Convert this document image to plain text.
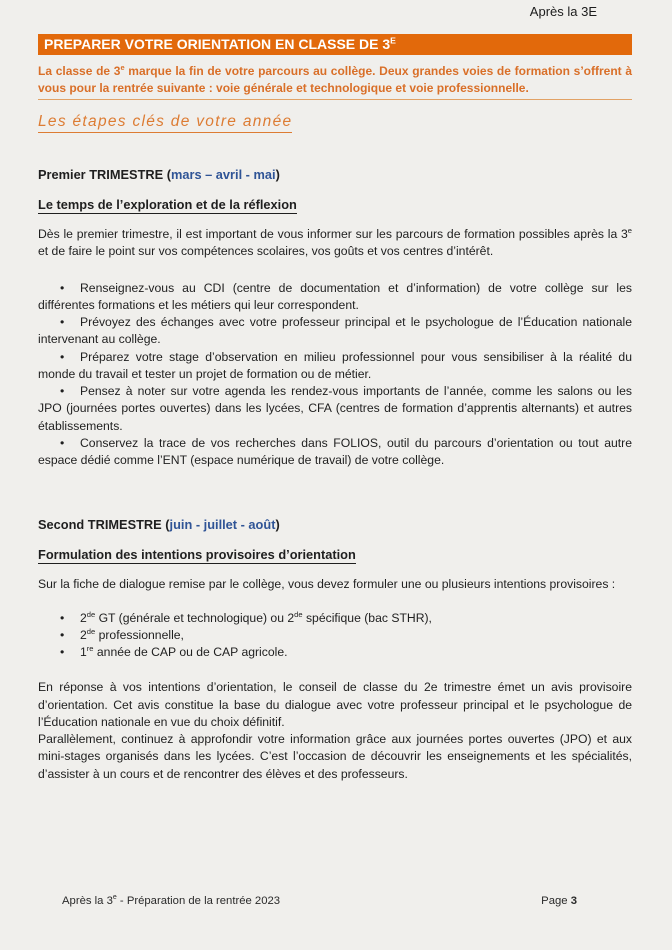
Après la 3E
PREPARER VOTRE ORIENTATION EN CLASSE DE $3^E$

La classe de 3e marque la fin de votre parcours au collège. Deux grandes voies de formation s’offrent à vous pour la rentrée suivante : voie générale et technologique et voie professionnelle.

Les étapes clés de votre année
Premier TRIMESTRE (mars – avril - mai)
Le temps de l’exploration et de la réflexion

Dès le premier trimestre, il est important de vous informer sur les parcours de formation possibles après la 3e et de faire le point sur vos compétences scolaires, vos goûts et vos centres d’intérêt.

• Renseignez-vous au CDI (centre de documentation et d’information) de votre collège sur les différentes formations et les métiers qui leur correspondent.

• Prévoyez des échanges avec votre professeur principal et le psychologue de l’Éducation nationale intervenant au collège.

• Préparez votre stage d’observation en milieu professionnel pour vous sensibiliser à la réalité du monde du travail et tester un projet de formation ou de métier.

• Pensez à noter sur votre agenda les rendez-vous importants de l’année, comme les salons ou les JPO (journées portes ouvertes) dans les lycées, CFA (centres de formation d’apprentis alternants) et autres établissements.

• Conservez la trace de vos recherches dans FOLIOS, outil du parcours d’orientation ou tout autre espace dédié comme l’ENT (espace numérique de travail) de votre collège.

Second TRIMESTRE (juin - juillet - août)
Formulation des intentions provisoires d’orientation

Sur la fiche de dialogue remise par le collège, vous devez formuler une ou plusieurs intentions provisoires :

• 2de GT (générale et technologique) ou 2de spécifique (bac STHR),

• 2de professionnelle,

• 1re année de CAP ou de CAP agricole.

En réponse à vos intentions d’orientation, le conseil de classe du 2e trimestre émet un avis provisoire d’orientation. Cet avis constitue la base du dialogue avec votre professeur principal et le psychologue de l’Éducation nationale en vue du choix définitif.

Parallèlement, continuez à approfondir votre information grâce aux journées portes ouvertes (JPO) et aux mini-stages organisés dans les lycées. C’est l’occasion de découvrir les enseignements et les spécialités, d’assister à un cours et de rencontrer des élèves et des professeurs.

Après la 3e - Préparation de la rentrée 2023	Page 3
